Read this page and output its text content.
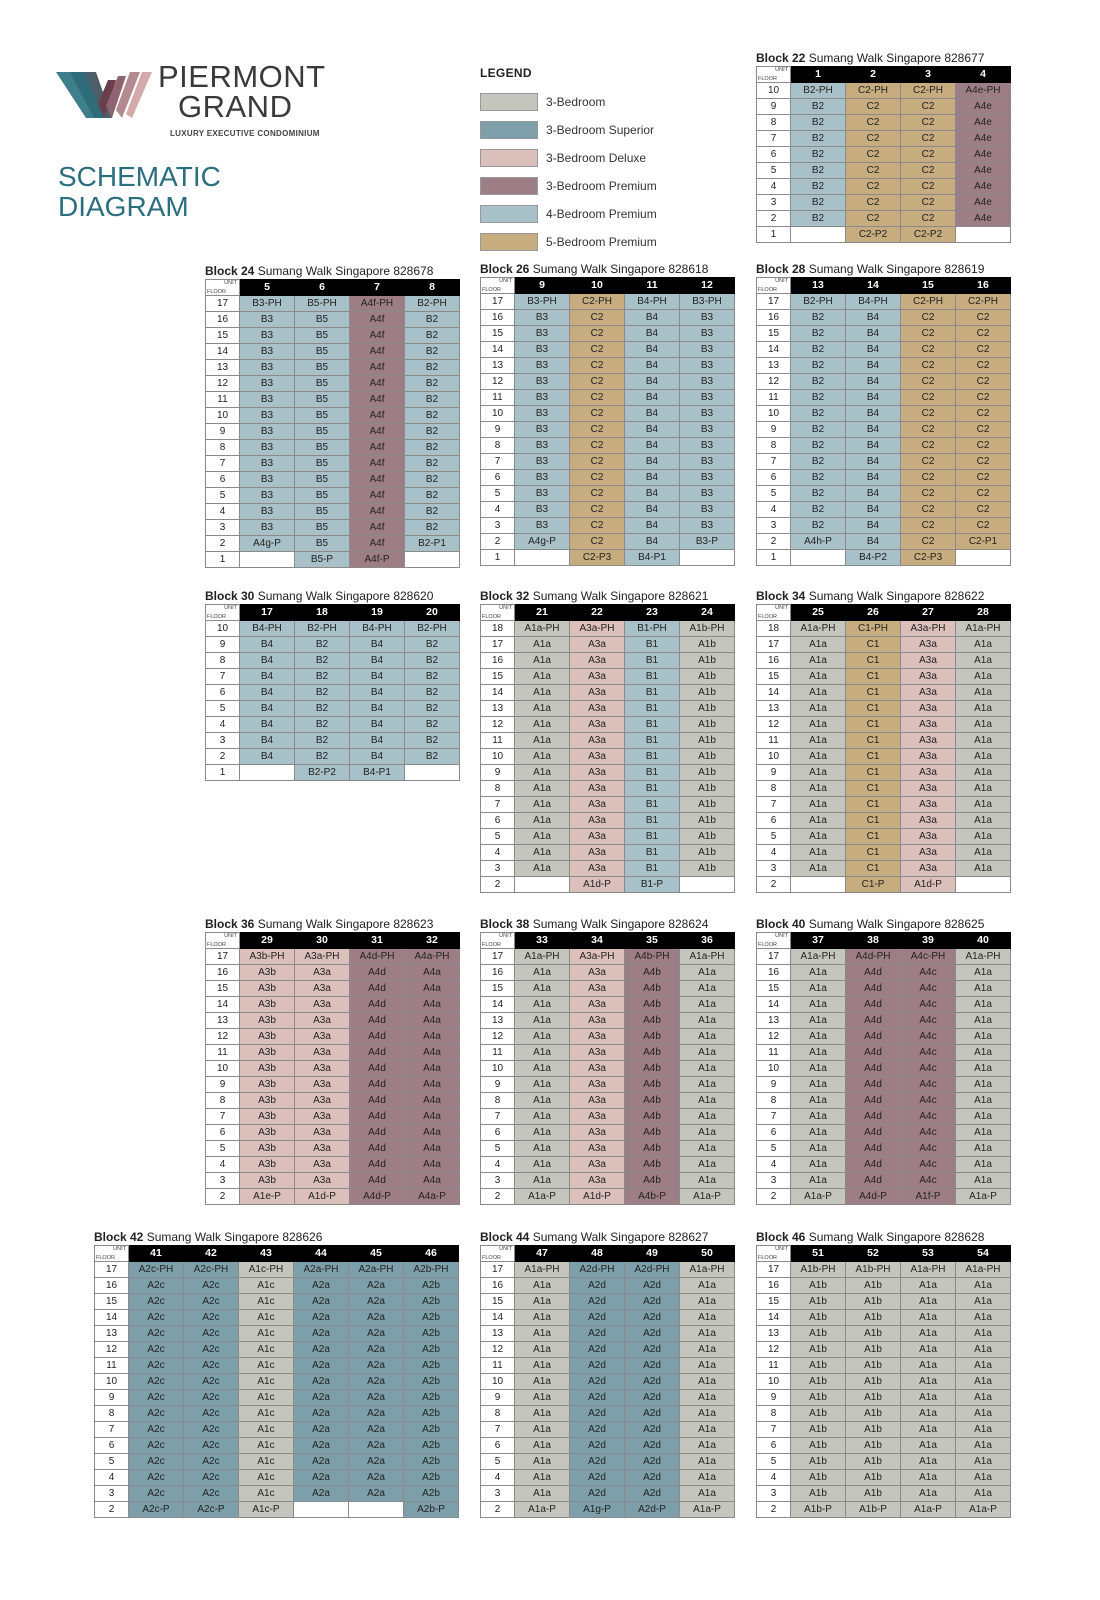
PIERMONT
GRAND
LUXURY EXECUTIVE CONDOMINIUM
SCHEMATIC
DIAGRAM
LEGEND
3-Bedroom
3-Bedroom Superior
3-Bedroom Deluxe
3-Bedroom Premium
4-Bedroom Premium
5-Bedroom Premium
Block 22 Sumang Walk Singapore 828677
UNIT
FLOOR	1	2	3	4
10	B2-PH	C2-PH	C2-PH	A4e-PH
9	B2	C2	C2	A4e
8	B2	C2	C2	A4e
7	B2	C2	C2	A4e
6	B2	C2	C2	A4e
5	B2	C2	C2	A4e
4	B2	C2	C2	A4e
3	B2	C2	C2	A4e
2	B2	C2	C2	A4e
1		C2-P2	C2-P2	
Block 24 Sumang Walk Singapore 828678
UNIT
FLOOR	5	6	7	8
17	B3-PH	B5-PH	A4f-PH	B2-PH
16	B3	B5	A4f	B2
15	B3	B5	A4f	B2
14	B3	B5	A4f	B2
13	B3	B5	A4f	B2
12	B3	B5	A4f	B2
11	B3	B5	A4f	B2
10	B3	B5	A4f	B2
9	B3	B5	A4f	B2
8	B3	B5	A4f	B2
7	B3	B5	A4f	B2
6	B3	B5	A4f	B2
5	B3	B5	A4f	B2
4	B3	B5	A4f	B2
3	B3	B5	A4f	B2
2	A4g-P	B5	A4f	B2-P1
1		B5-P	A4f-P	
Block 26 Sumang Walk Singapore 828618
UNIT
FLOOR	9	10	11	12
17	B3-PH	C2-PH	B4-PH	B3-PH
16	B3	C2	B4	B3
15	B3	C2	B4	B3
14	B3	C2	B4	B3
13	B3	C2	B4	B3
12	B3	C2	B4	B3
11	B3	C2	B4	B3
10	B3	C2	B4	B3
9	B3	C2	B4	B3
8	B3	C2	B4	B3
7	B3	C2	B4	B3
6	B3	C2	B4	B3
5	B3	C2	B4	B3
4	B3	C2	B4	B3
3	B3	C2	B4	B3
2	A4g-P	C2	B4	B3-P
1		C2-P3	B4-P1	
Block 28 Sumang Walk Singapore 828619
UNIT
FLOOR	13	14	15	16
17	B2-PH	B4-PH	C2-PH	C2-PH
16	B2	B4	C2	C2
15	B2	B4	C2	C2
14	B2	B4	C2	C2
13	B2	B4	C2	C2
12	B2	B4	C2	C2
11	B2	B4	C2	C2
10	B2	B4	C2	C2
9	B2	B4	C2	C2
8	B2	B4	C2	C2
7	B2	B4	C2	C2
6	B2	B4	C2	C2
5	B2	B4	C2	C2
4	B2	B4	C2	C2
3	B2	B4	C2	C2
2	A4h-P	B4	C2	C2-P1
1		B4-P2	C2-P3	
Block 30 Sumang Walk Singapore 828620
UNIT
FLOOR	17	18	19	20
10	B4-PH	B2-PH	B4-PH	B2-PH
9	B4	B2	B4	B2
8	B4	B2	B4	B2
7	B4	B2	B4	B2
6	B4	B2	B4	B2
5	B4	B2	B4	B2
4	B4	B2	B4	B2
3	B4	B2	B4	B2
2	B4	B2	B4	B2
1		B2-P2	B4-P1	
Block 32 Sumang Walk Singapore 828621
UNIT
FLOOR	21	22	23	24
18	A1a-PH	A3a-PH	B1-PH	A1b-PH
17	A1a	A3a	B1	A1b
16	A1a	A3a	B1	A1b
15	A1a	A3a	B1	A1b
14	A1a	A3a	B1	A1b
13	A1a	A3a	B1	A1b
12	A1a	A3a	B1	A1b
11	A1a	A3a	B1	A1b
10	A1a	A3a	B1	A1b
9	A1a	A3a	B1	A1b
8	A1a	A3a	B1	A1b
7	A1a	A3a	B1	A1b
6	A1a	A3a	B1	A1b
5	A1a	A3a	B1	A1b
4	A1a	A3a	B1	A1b
3	A1a	A3a	B1	A1b
2		A1d-P	B1-P	
Block 34 Sumang Walk Singapore 828622
UNIT
FLOOR	25	26	27	28
18	A1a-PH	C1-PH	A3a-PH	A1a-PH
17	A1a	C1	A3a	A1a
16	A1a	C1	A3a	A1a
15	A1a	C1	A3a	A1a
14	A1a	C1	A3a	A1a
13	A1a	C1	A3a	A1a
12	A1a	C1	A3a	A1a
11	A1a	C1	A3a	A1a
10	A1a	C1	A3a	A1a
9	A1a	C1	A3a	A1a
8	A1a	C1	A3a	A1a
7	A1a	C1	A3a	A1a
6	A1a	C1	A3a	A1a
5	A1a	C1	A3a	A1a
4	A1a	C1	A3a	A1a
3	A1a	C1	A3a	A1a
2		C1-P	A1d-P	
Block 36 Sumang Walk Singapore 828623
UNIT
FLOOR	29	30	31	32
17	A3b-PH	A3a-PH	A4d-PH	A4a-PH
16	A3b	A3a	A4d	A4a
15	A3b	A3a	A4d	A4a
14	A3b	A3a	A4d	A4a
13	A3b	A3a	A4d	A4a
12	A3b	A3a	A4d	A4a
11	A3b	A3a	A4d	A4a
10	A3b	A3a	A4d	A4a
9	A3b	A3a	A4d	A4a
8	A3b	A3a	A4d	A4a
7	A3b	A3a	A4d	A4a
6	A3b	A3a	A4d	A4a
5	A3b	A3a	A4d	A4a
4	A3b	A3a	A4d	A4a
3	A3b	A3a	A4d	A4a
2	A1e-P	A1d-P	A4d-P	A4a-P
Block 38 Sumang Walk Singapore 828624
UNIT
FLOOR	33	34	35	36
17	A1a-PH	A3a-PH	A4b-PH	A1a-PH
16	A1a	A3a	A4b	A1a
15	A1a	A3a	A4b	A1a
14	A1a	A3a	A4b	A1a
13	A1a	A3a	A4b	A1a
12	A1a	A3a	A4b	A1a
11	A1a	A3a	A4b	A1a
10	A1a	A3a	A4b	A1a
9	A1a	A3a	A4b	A1a
8	A1a	A3a	A4b	A1a
7	A1a	A3a	A4b	A1a
6	A1a	A3a	A4b	A1a
5	A1a	A3a	A4b	A1a
4	A1a	A3a	A4b	A1a
3	A1a	A3a	A4b	A1a
2	A1a-P	A1d-P	A4b-P	A1a-P
Block 40 Sumang Walk Singapore 828625
UNIT
FLOOR	37	38	39	40
17	A1a-PH	A4d-PH	A4c-PH	A1a-PH
16	A1a	A4d	A4c	A1a
15	A1a	A4d	A4c	A1a
14	A1a	A4d	A4c	A1a
13	A1a	A4d	A4c	A1a
12	A1a	A4d	A4c	A1a
11	A1a	A4d	A4c	A1a
10	A1a	A4d	A4c	A1a
9	A1a	A4d	A4c	A1a
8	A1a	A4d	A4c	A1a
7	A1a	A4d	A4c	A1a
6	A1a	A4d	A4c	A1a
5	A1a	A4d	A4c	A1a
4	A1a	A4d	A4c	A1a
3	A1a	A4d	A4c	A1a
2	A1a-P	A4d-P	A1f-P	A1a-P
Block 42 Sumang Walk Singapore 828626
UNIT
FLOOR	41	42	43	44	45	46
17	A2c-PH	A2c-PH	A1c-PH	A2a-PH	A2a-PH	A2b-PH
16	A2c	A2c	A1c	A2a	A2a	A2b
15	A2c	A2c	A1c	A2a	A2a	A2b
14	A2c	A2c	A1c	A2a	A2a	A2b
13	A2c	A2c	A1c	A2a	A2a	A2b
12	A2c	A2c	A1c	A2a	A2a	A2b
11	A2c	A2c	A1c	A2a	A2a	A2b
10	A2c	A2c	A1c	A2a	A2a	A2b
9	A2c	A2c	A1c	A2a	A2a	A2b
8	A2c	A2c	A1c	A2a	A2a	A2b
7	A2c	A2c	A1c	A2a	A2a	A2b
6	A2c	A2c	A1c	A2a	A2a	A2b
5	A2c	A2c	A1c	A2a	A2a	A2b
4	A2c	A2c	A1c	A2a	A2a	A2b
3	A2c	A2c	A1c	A2a	A2a	A2b
2	A2c-P	A2c-P	A1c-P			A2b-P
Block 44 Sumang Walk Singapore 828627
UNIT
FLOOR	47	48	49	50
17	A1a-PH	A2d-PH	A2d-PH	A1a-PH
16	A1a	A2d	A2d	A1a
15	A1a	A2d	A2d	A1a
14	A1a	A2d	A2d	A1a
13	A1a	A2d	A2d	A1a
12	A1a	A2d	A2d	A1a
11	A1a	A2d	A2d	A1a
10	A1a	A2d	A2d	A1a
9	A1a	A2d	A2d	A1a
8	A1a	A2d	A2d	A1a
7	A1a	A2d	A2d	A1a
6	A1a	A2d	A2d	A1a
5	A1a	A2d	A2d	A1a
4	A1a	A2d	A2d	A1a
3	A1a	A2d	A2d	A1a
2	A1a-P	A1g-P	A2d-P	A1a-P
Block 46 Sumang Walk Singapore 828628
UNIT
FLOOR	51	52	53	54
17	A1b-PH	A1b-PH	A1a-PH	A1a-PH
16	A1b	A1b	A1a	A1a
15	A1b	A1b	A1a	A1a
14	A1b	A1b	A1a	A1a
13	A1b	A1b	A1a	A1a
12	A1b	A1b	A1a	A1a
11	A1b	A1b	A1a	A1a
10	A1b	A1b	A1a	A1a
9	A1b	A1b	A1a	A1a
8	A1b	A1b	A1a	A1a
7	A1b	A1b	A1a	A1a
6	A1b	A1b	A1a	A1a
5	A1b	A1b	A1a	A1a
4	A1b	A1b	A1a	A1a
3	A1b	A1b	A1a	A1a
2	A1b-P	A1b-P	A1a-P	A1a-P
